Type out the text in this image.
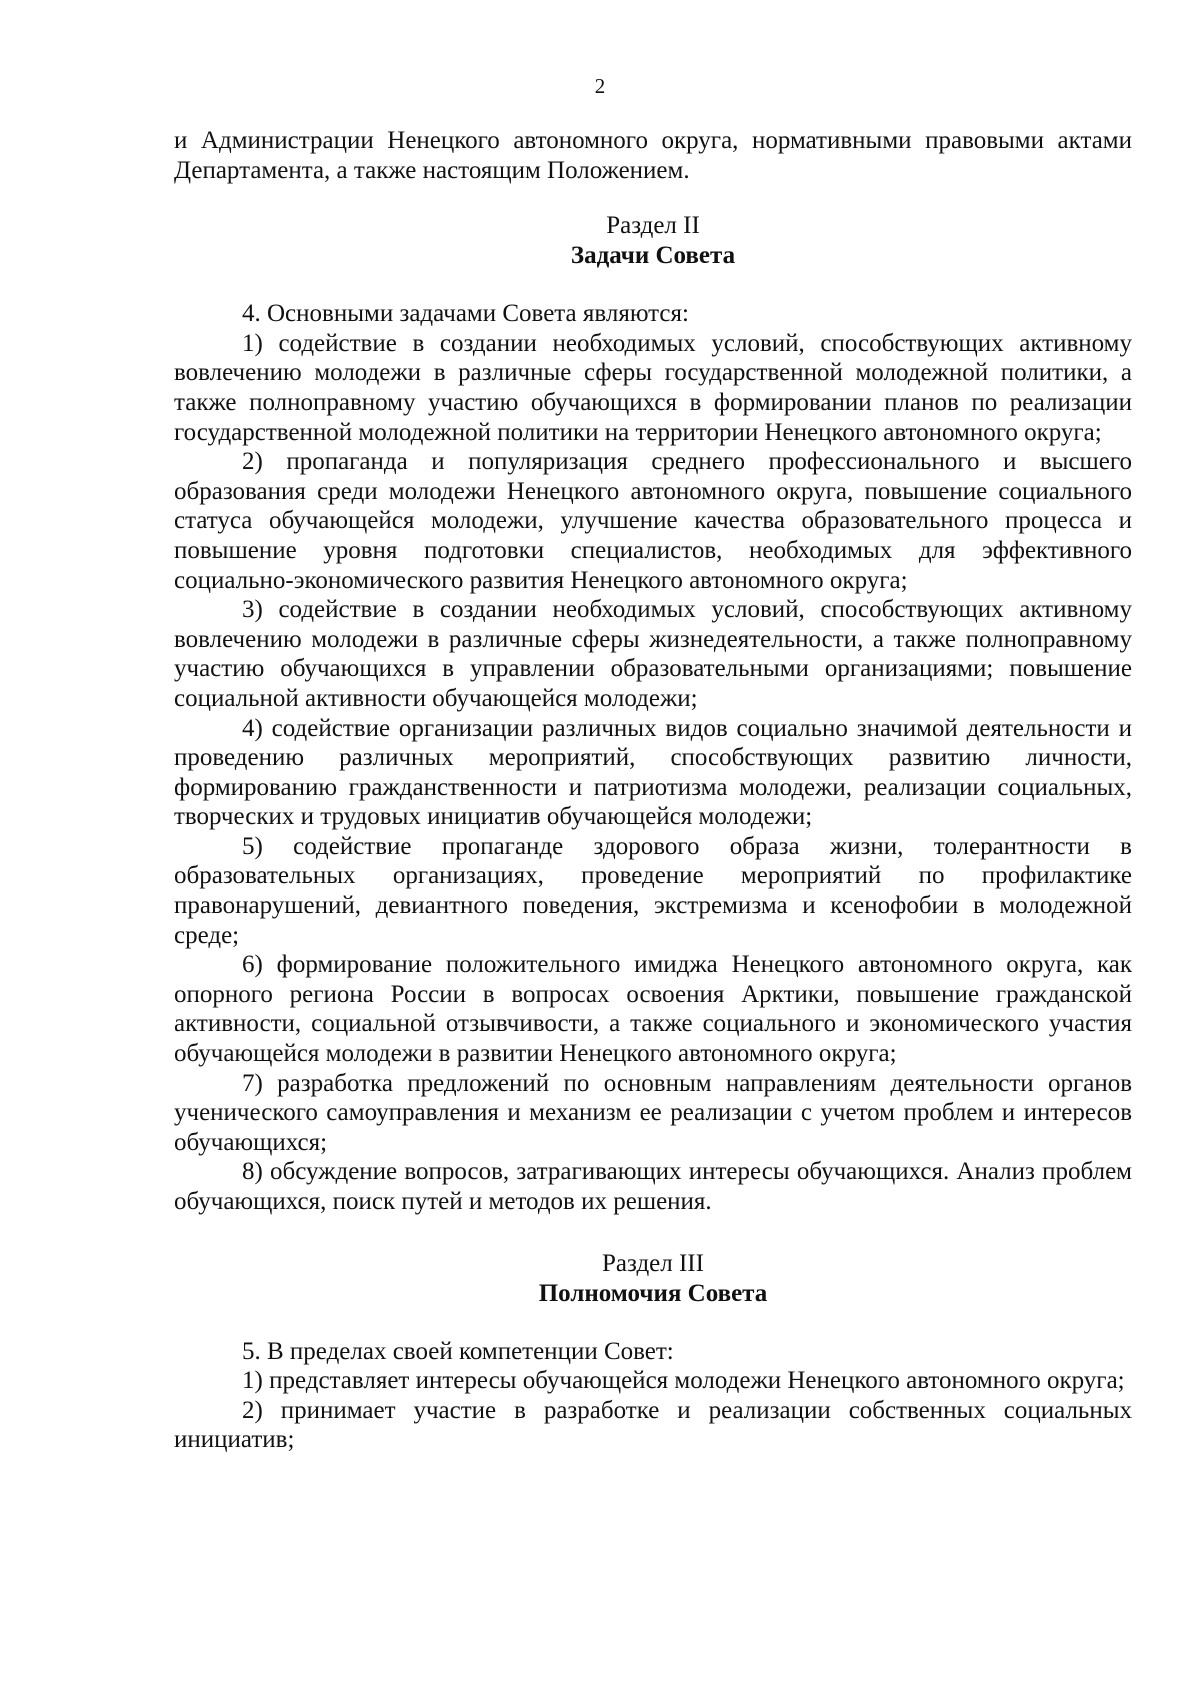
2

и Администрации Ненецкого автономного округа, нормативными правовыми актами Департамента, а также настоящим Положением.

Раздел II
Задачи Совета

4. Основными задачами Совета являются:

1) содействие в создании необходимых условий, способствующих активному вовлечению молодежи в различные сферы государственной молодежной политики, а также полноправному участию обучающихся в формировании планов по реализации государственной молодежной политики на территории Ненецкого автономного округа;

2) пропаганда и популяризация среднего профессионального и высшего образования среди молодежи Ненецкого автономного округа, повышение социального статуса обучающейся молодежи, улучшение качества образовательного процесса и повышение уровня подготовки специалистов, необходимых для эффективного социально-экономического развития Ненецкого автономного округа;

3) содействие в создании необходимых условий, способствующих активному вовлечению молодежи в различные сферы жизнедеятельности, а также полноправному участию обучающихся в управлении образовательными организациями; повышение социальной активности обучающейся молодежи;

4) содействие организации различных видов социально значимой деятельности и проведению различных мероприятий, способствующих развитию личности, формированию гражданственности и патриотизма молодежи, реализации социальных, творческих и трудовых инициатив обучающейся молодежи;

5) содействие пропаганде здорового образа жизни, толерантности в образовательных организациях, проведение мероприятий по профилактике правонарушений, девиантного поведения, экстремизма и ксенофобии в молодежной среде;

6) формирование положительного имиджа Ненецкого автономного округа, как опорного региона России в вопросах освоения Арктики, повышение гражданской активности, социальной отзывчивости, а также социального и экономического участия обучающейся молодежи в развитии Ненецкого автономного округа;

7) разработка предложений по основным направлениям деятельности органов ученического самоуправления и механизм ее реализации с учетом проблем и интересов обучающихся;

8) обсуждение вопросов, затрагивающих интересы обучающихся. Анализ проблем обучающихся, поиск путей и методов их решения.

Раздел III
Полномочия Совета

5. В пределах своей компетенции Совет:

1) представляет интересы обучающейся молодежи Ненецкого автономного округа;

2) принимает участие в разработке и реализации собственных социальных инициатив;
